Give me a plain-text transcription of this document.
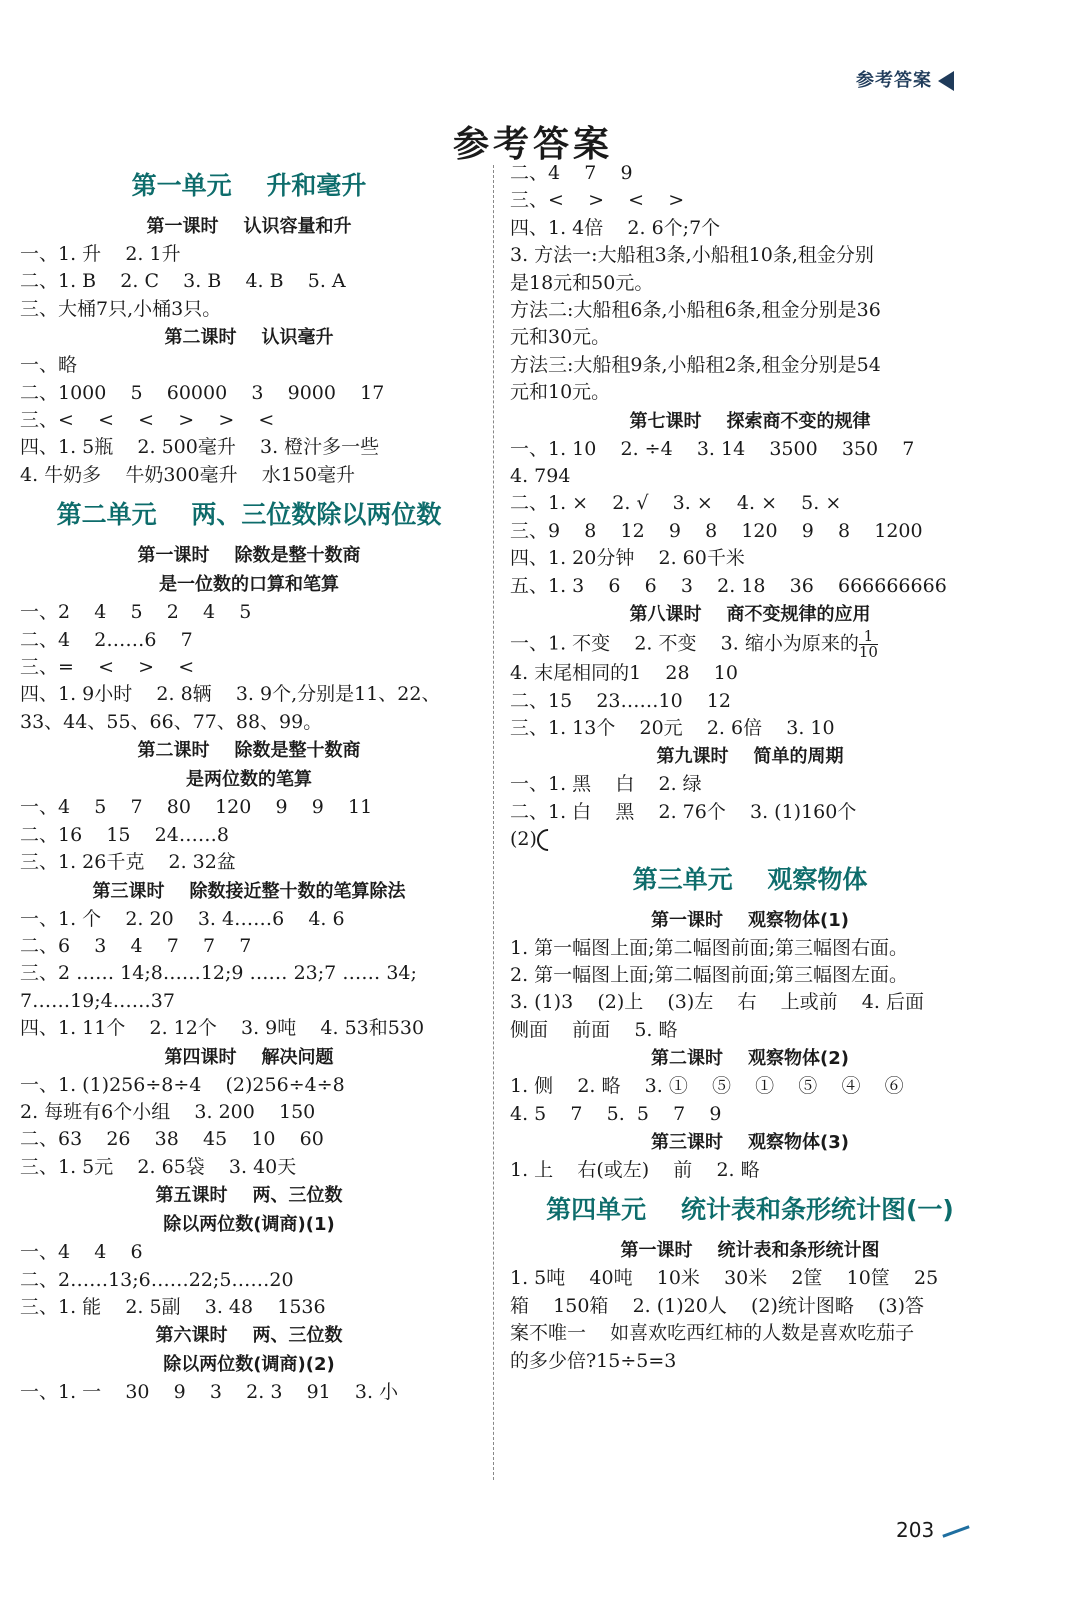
参考答案
参考答案
第一单元    升和毫升
第一课时    认识容量和升
一、1. 升    2. 1升
二、1. B    2. C    3. B    4. B    5. A
三、大桶7只,小桶3只。
第二课时    认识毫升
一、略
二、1000    5    60000    3    9000    17
三、<    <    <    >    >    <
四、1. 5瓶    2. 500毫升    3. 橙汁多一些
4. 牛奶多    牛奶300毫升    水150毫升
第二单元    两、三位数除以两位数
第一课时    除数是整十数商
是一位数的口算和笔算
一、2    4    5    2    4    5
二、4    2……6    7
三、=    <    >    <
四、1. 9小时    2. 8辆    3. 9个,分别是11、22、
33、44、55、66、77、88、99。
第二课时    除数是整十数商
是两位数的笔算
一、4    5    7    80    120    9    9    11
二、16    15    24……8
三、1. 26千克    2. 32盆
第三课时    除数接近整十数的笔算除法
一、1. 个    2. 20    3. 4……6    4. 6
二、6    3    4    7    7    7
三、2 …… 14;8……12;9 …… 23;7 …… 34;
7……19;4……37
四、1. 11个    2. 12个    3. 9吨    4. 53和530
第四课时    解决问题
一、1. (1)256÷8÷4    (2)256÷4÷8
2. 每班有6个小组    3. 200    150
二、63    26    38    45    10    60
三、1. 5元    2. 65袋    3. 40天
第五课时    两、三位数
除以两位数(调商)(1)
一、4    4    6
二、2……13;6……22;5……20
三、1. 能    2. 5副    3. 48    1536
第六课时    两、三位数
除以两位数(调商)(2)
一、1. 一    30    9    3    2. 3    91    3. 小
二、4    7    9
三、<    >    <    >
四、1. 4倍    2. 6个;7个
3. 方法一:大船租3条,小船租10条,租金分别
是18元和50元。
方法二:大船租6条,小船租6条,租金分别是36
元和30元。
方法三:大船租9条,小船租2条,租金分别是54
元和10元。
第七课时    探索商不变的规律
一、1. 10    2. ÷4    3. 14    3500    350    7
4. 794
二、1. ×    2. √    3. ×    4. ×    5. ×
三、9    8    12    9    8    120    9    8    1200
四、1. 20分钟    2. 60千米
五、1. 3    6    6    3    2. 18    36    666666666
第八课时    商不变规律的应用
一、1. 不变    2. 不变    3. 缩小为原来的 $\frac{1}{10}$
4. 末尾相同的1    28    10
二、15    23……10    12
三、1. 13个    20元    2. 6倍    3. 10
第九课时    简单的周期
一、1. 黑    白    2. 绿
二、1. 白    黑    2. 76个    3. (1)160个
(2)
第三单元    观察物体
第一课时    观察物体(1)
1. 第一幅图上面;第二幅图前面;第三幅图右面。
2. 第一幅图上面;第二幅图前面;第三幅图左面。
3. (1)3    (2)上    (3)左    右    上或前    4. 后面
侧面    前面    5. 略
第二课时    观察物体(2)
1. 侧    2. 略    3. ①    ⑤    ①    ⑤    ④    ⑥
4. 5    7    5.  5    7    9
第三课时    观察物体(3)
1. 上    右(或左)    前    2. 略
第四单元    统计表和条形统计图(一)
第一课时    统计表和条形统计图
1. 5吨    40吨    10米    30米    2筐    10筐    25
箱    150箱    2. (1)20人    (2)统计图略    (3)答
案不唯一    如喜欢吃西红柿的人数是喜欢吃茄子
的多少倍?15÷5=3
203
